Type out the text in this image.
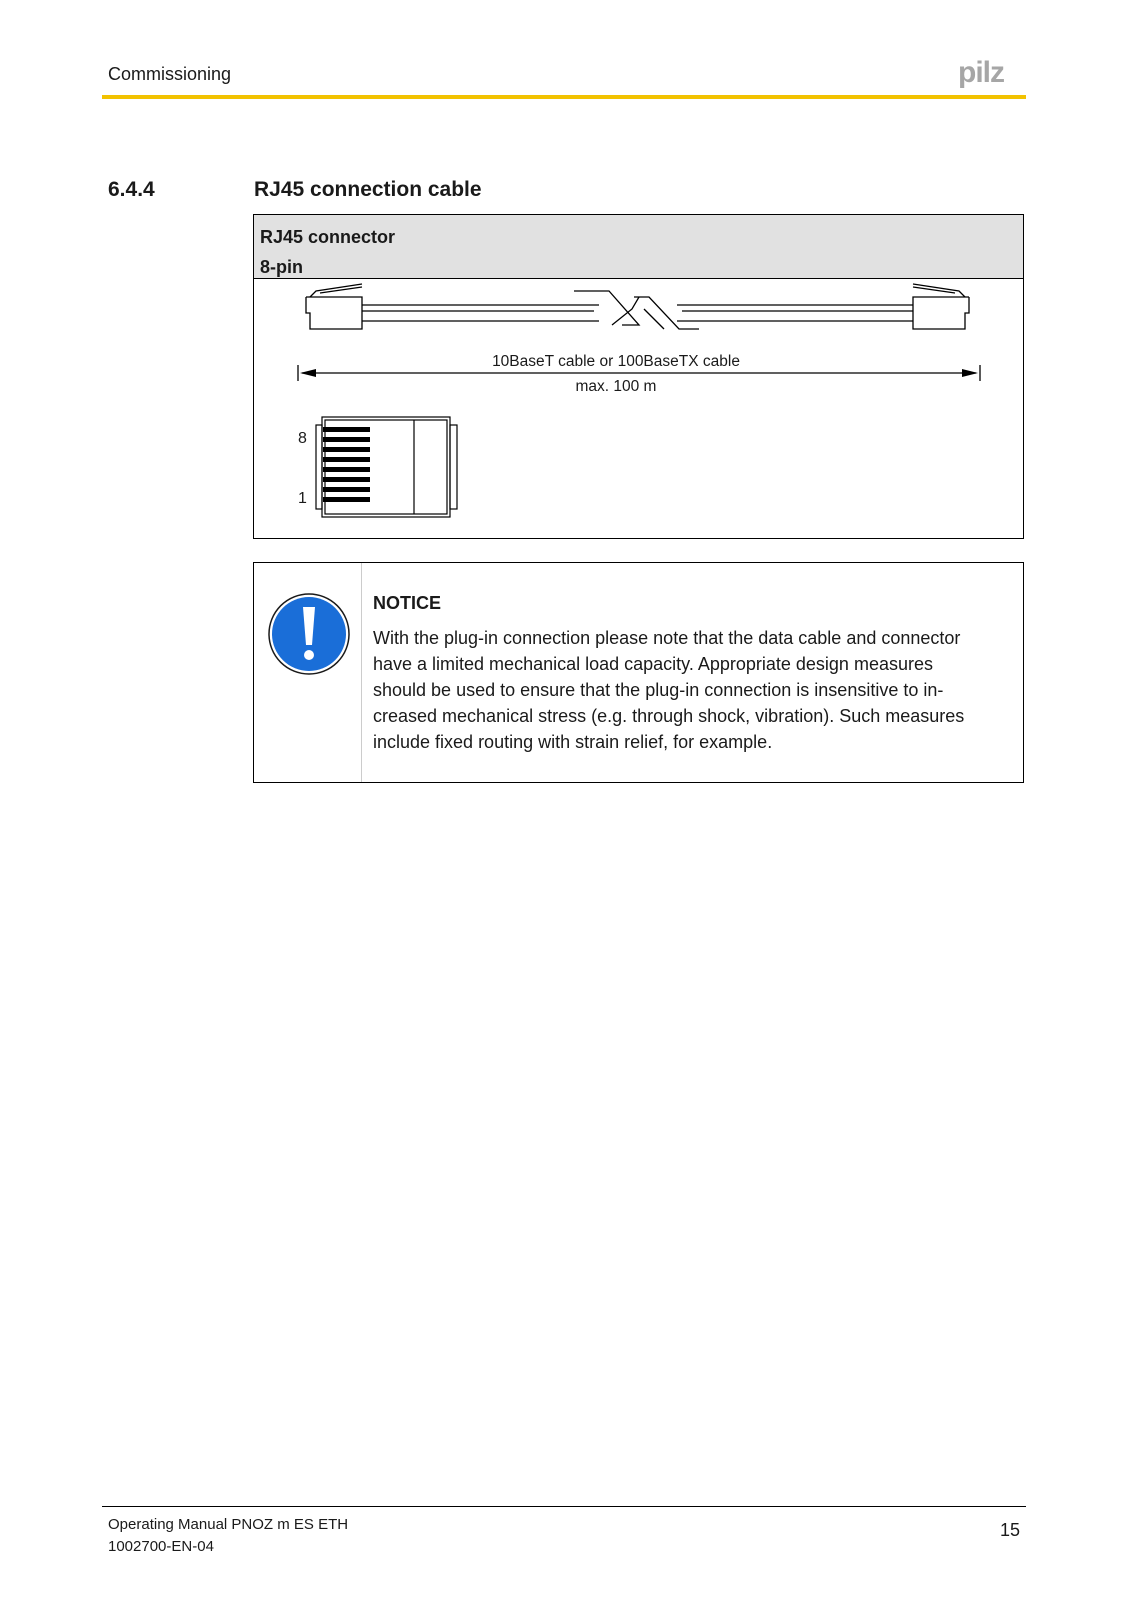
Commissioning	pilz
6.4.4	RJ45 connection cable
RJ45 connector
8-pin
10BaseT cable or 100BaseTX cable
max. 100 m
8
1
NOTICE
With the plug-in connection please note that the data cable and connector
have a limited mechanical load capacity. Appropriate design measures
should be used to ensure that the plug-in connection is insensitive to in-
creased mechanical stress (e.g. through shock, vibration). Such measures
include fixed routing with strain relief, for example.
Operating Manual PNOZ m ES ETH
1002700-EN-04
15
